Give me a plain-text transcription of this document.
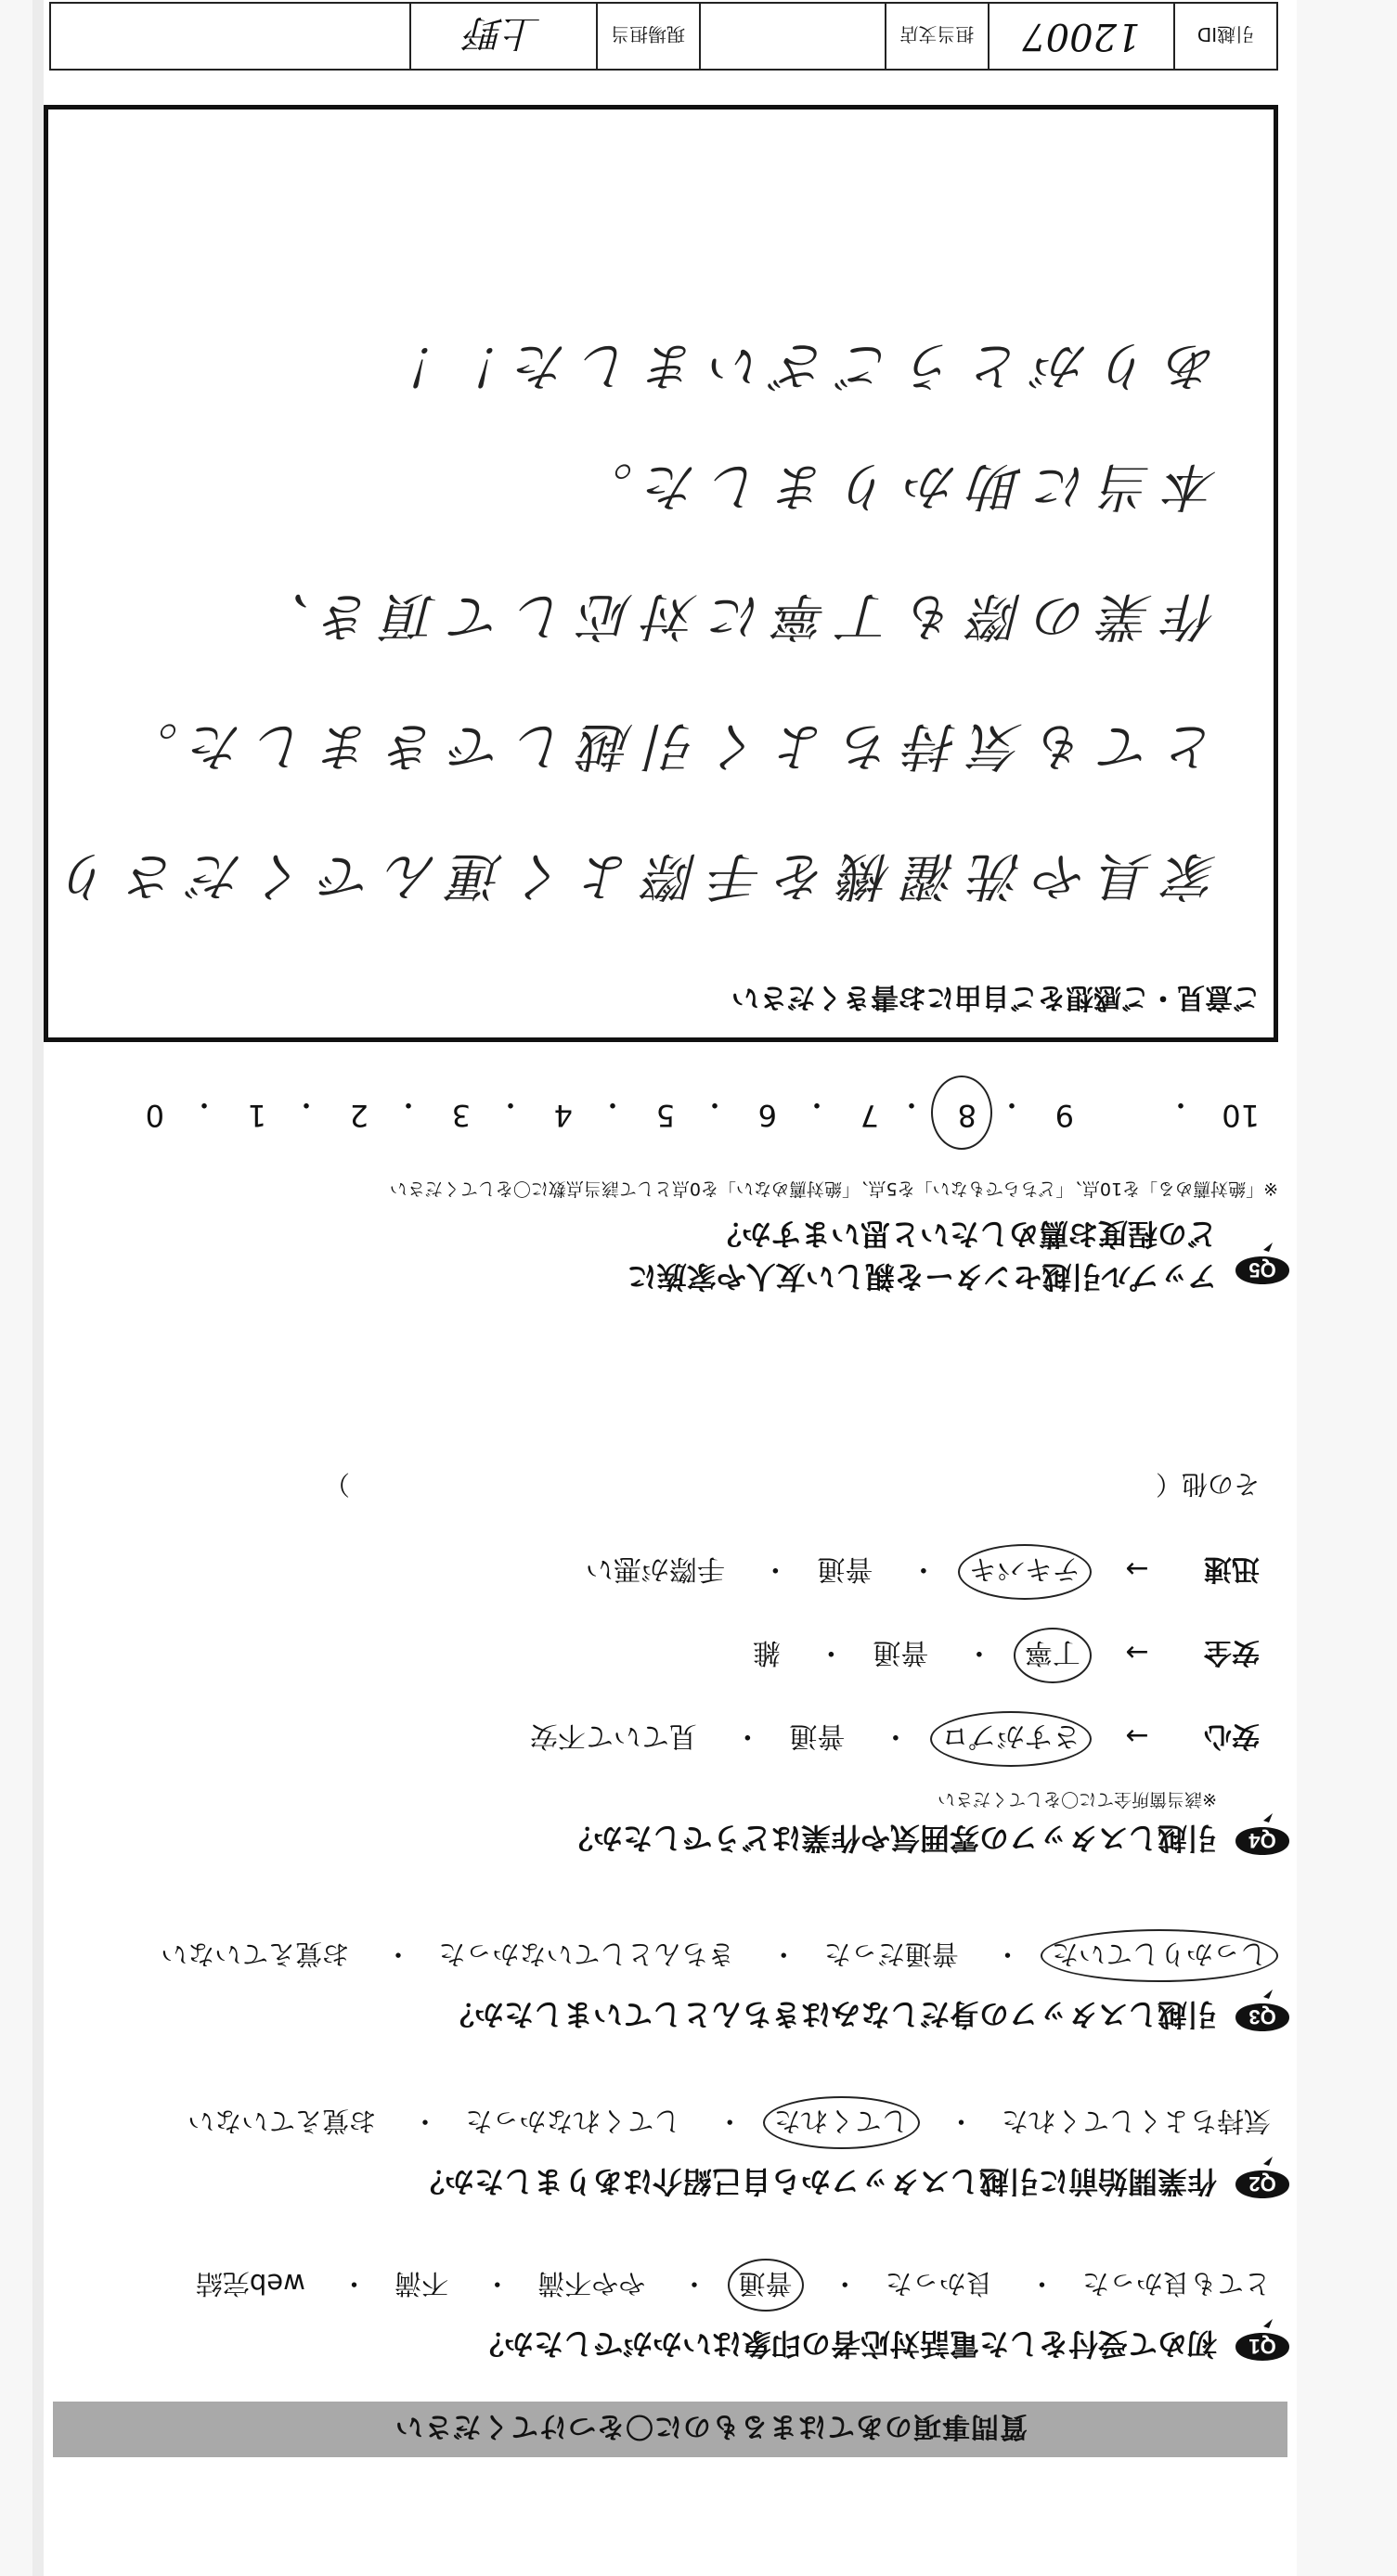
質問事項のあてはまるものに〇をつけてください
Q1
初めて受付をした電話対応者の印象はいかがでしたか？
とても良かった　・　 良かった　・　 普通　・　 やや不満　・　 不満　・　 web完結
Q2
作業開始前に引越しスタッフから自己紹介はありましたか？
気持ちよくしてくれた　・　 してくれた　・　 してくれなかった　・　 お覚えていない
Q3
引越しスタッフの身だしなみはきちんとしていましたか？
しっかりしていた　・　 普通だった　・　 きちんとしていなかった　・　 お覚えていない
Q4
引越しスタッフの雰囲気や作業はどうでしたか？
※該当箇所全てに〇をしてください
安心 → さすがプロ　・　 普通　・　 見ていて不安
安全 → 丁寧　・　 普通　・　 雑
迅速 → テキパキ　・　 普通　・　 手際が悪い
その他（　　　　　　　　　　　　　　　　　　　　　　　　　　　　　　　）
Q5
アップル引越センターを親しい友人や家族に
どの程度お薦めしたいと思いますか？
※「絶対薦める」を10点、「どちらでもない」を5点、「絶対薦めない」を0点として該当点数に〇をしてください
10
・
9
・
8
・
7
・
6
・
5
・
4
・
3
・
2
・
1
・
0
ご意見・ご感想をご自由にお書きください
家具や洗濯機を手際よく運んでくださり
とても気持ちよく引越しできました。
作業の際も丁寧に対応して頂き、
本当に助かりました。
ありがとうございました！！
引越ID
12007
担当支店
現場担当
上野
